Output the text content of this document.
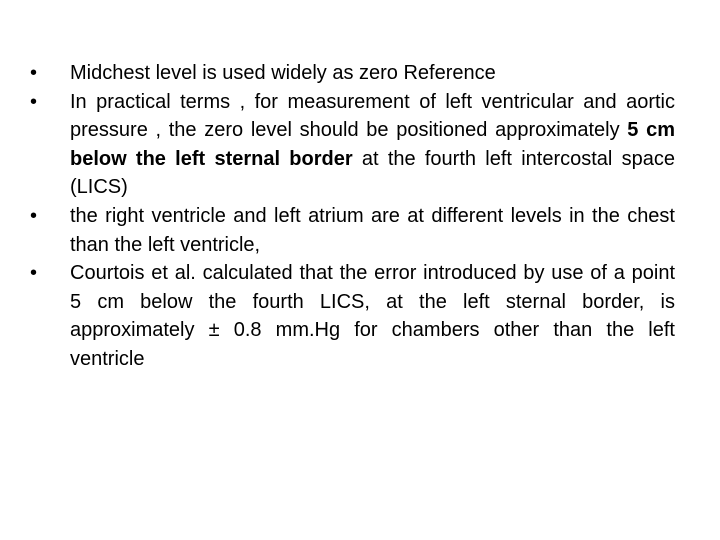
•	Midchest level is used widely as zero Reference
•	In practical terms , for measurement of left ventricular and aortic pressure , the zero level should be positioned approximately 5 cm below the left sternal border at the fourth left intercostal space (LICS)
•	the right ventricle and left atrium are at different levels in the chest than the left ventricle,
•	Courtois et al. calculated that the error introduced by use of a point 5 cm below the fourth LICS, at the left sternal border, is approximately ± 0.8 mm.Hg for chambers other than the left ventricle
